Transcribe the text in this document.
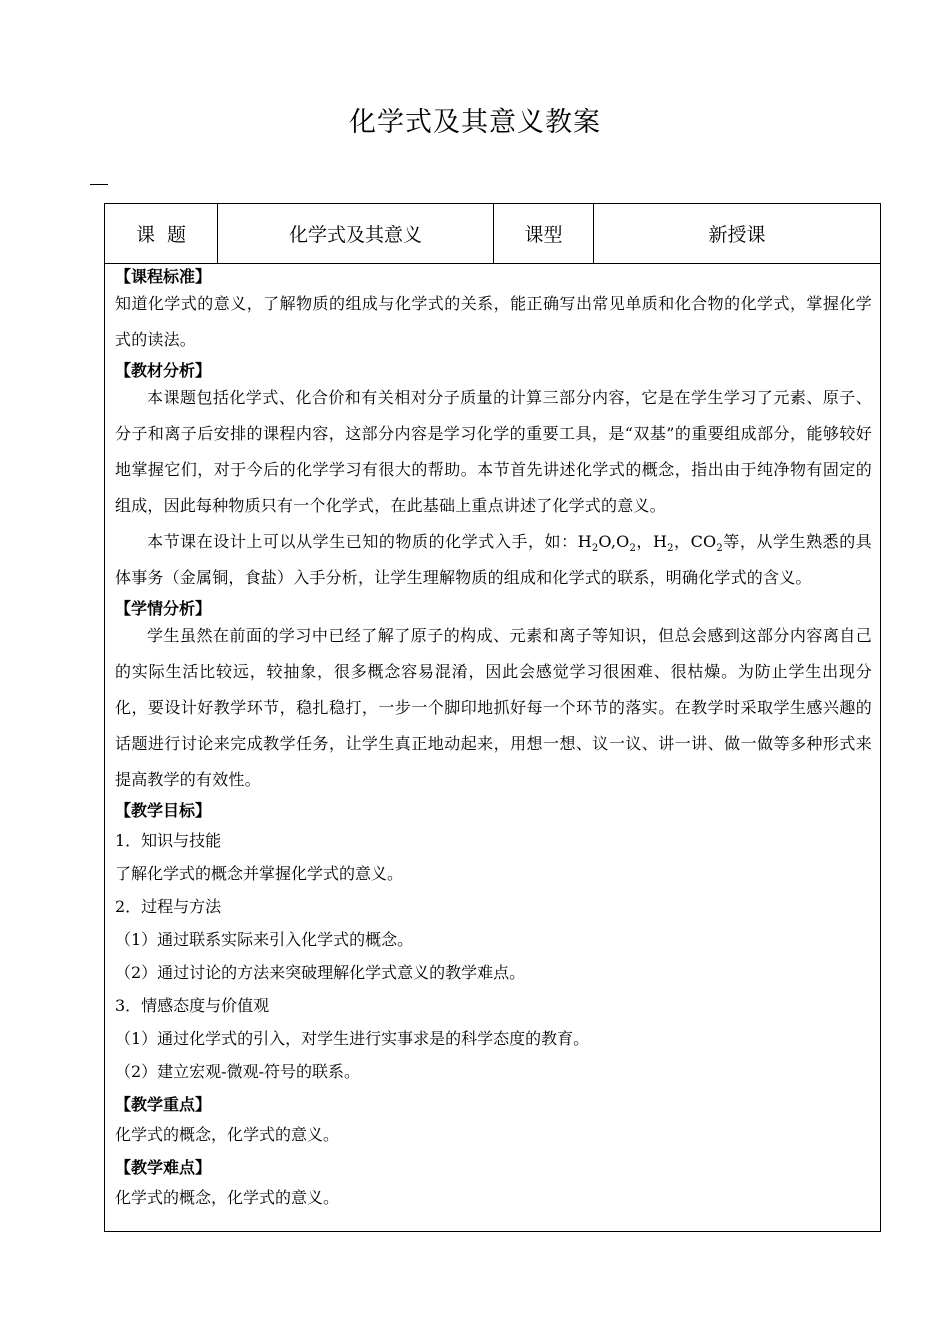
化学式及其意义教案
课  题	化学式及其意义	课型	新授课

【课程标准】

知道化学式的意义，了解物质的组成与化学式的关系，能正确写出常见单质和化合物的化学式，掌握化学式的读法。

【教材分析】

本课题包括化学式、化合价和有关相对分子质量的计算三部分内容，它是在学生学习了元素、原子、分子和离子后安排的课程内容，这部分内容是学习化学的重要工具，是“双基”的重要组成部分，能够较好地掌握它们，对于今后的化学学习有很大的帮助。本节首先讲述化学式的概念，指出由于纯净物有固定的组成，因此每种物质只有一个化学式，在此基础上重点讲述了化学式的意义。

本节课在设计上可以从学生已知的物质的化学式入手，如：$H_2O,O_2$，$H_2$，$CO_2$等，从学生熟悉的具体事务（金属铜，食盐）入手分析，让学生理解物质的组成和化学式的联系，明确化学式的含义。

【学情分析】

学生虽然在前面的学习中已经了解了原子的构成、元素和离子等知识，但总会感到这部分内容离自己的实际生活比较远，较抽象，很多概念容易混淆，因此会感觉学习很困难、很枯燥。为防止学生出现分化，要设计好教学环节，稳扎稳打，一步一个脚印地抓好每一个环节的落实。在教学时采取学生感兴趣的话题进行讨论来完成教学任务，让学生真正地动起来，用想一想、议一议、讲一讲、做一做等多种形式来提高教学的有效性。

【教学目标】

1．知识与技能

了解化学式的概念并掌握化学式的意义。

2．过程与方法

（1）通过联系实际来引入化学式的概念。

（2）通过讨论的方法来突破理解化学式意义的教学难点。

3．情感态度与价值观

（1）通过化学式的引入，对学生进行实事求是的科学态度的教育。

（2）建立宏观-微观-符号的联系。

【教学重点】

化学式的概念，化学式的意义。

【教学难点】

化学式的概念，化学式的意义。
